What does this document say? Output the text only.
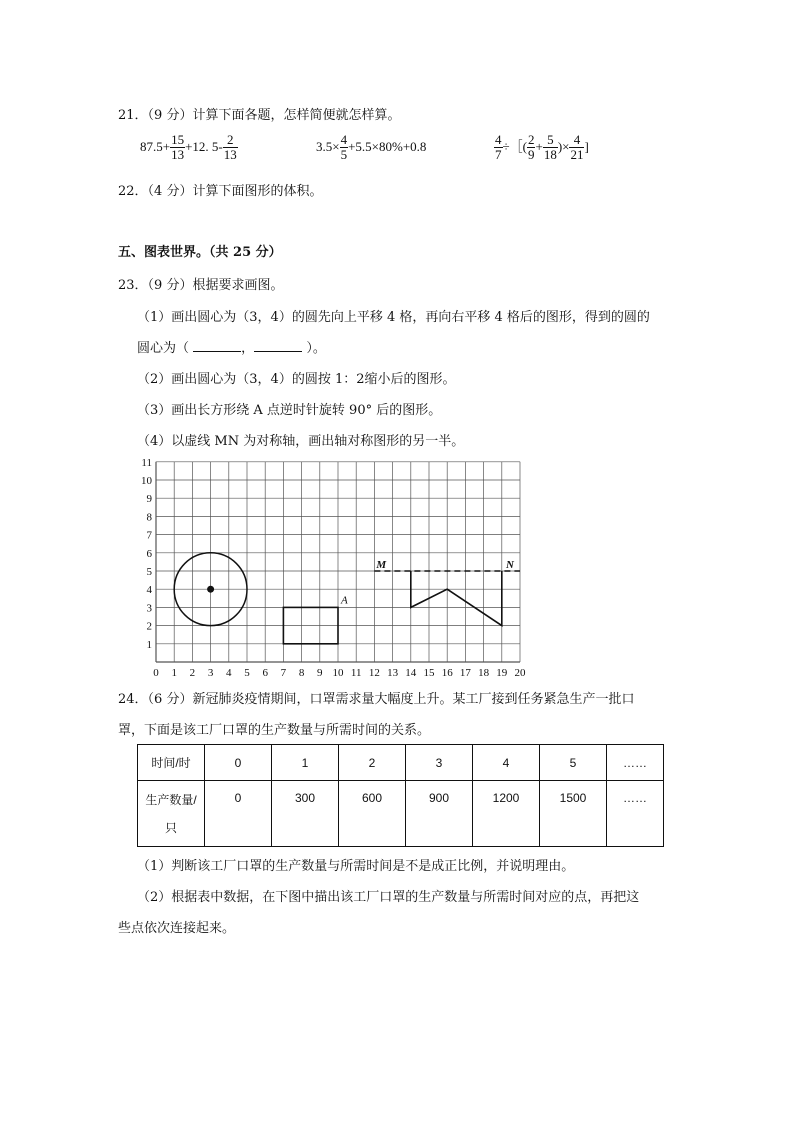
21．（9 分）计算下面各题，怎样简便就怎样算。
$87.5+ \frac{15}{13} +12$. $5- \frac{2}{13}$	$3.5\times \frac{4}{5} +5.5\times 80\%+0.8$	$\frac{4}{7}$ ÷［( $\frac{2}{9} + \frac{5}{18}$ )× $\frac{4}{21}$ ]
22．（4 分）计算下面图形的体积。
五、图表世界。（共 25 分）
23．（9 分）根据要求画图。
（1）画出圆心为（3，4）的圆先向上平移 4 格，再向右平移 4 格后的图形，得到的圆的
圆心为（	，	）。
（2）画出圆心为（3，4）的圆按 1：2缩小后的图形。
（3）画出长方形绕 A 点逆时针旋转 90° 后的图形。
（4）以虚线 MN 为对称轴，画出轴对称图形的另一半。
0 1 2 3 4 5 6 7 8 9 10 11 12 13 14 15 16 17 18 19 20
1
2
3
4
5
6
7
8
9
10
11
A
M	N
24．（6 分）新冠肺炎疫情期间，口罩需求量大幅度上升。某工厂接到任务紧急生产一批口
罩，下面是该工厂口罩的生产数量与所需时间的关系。
时间/时	0	1	2	3	4	5	……

生产数量/
只	0	300	600	900	1200	1500	……
（1）判断该工厂口罩的生产数量与所需时间是不是成正比例，并说明理由。
（2）根据表中数据，在下图中描出该工厂口罩的生产数量与所需时间对应的点，再把这
些点依次连接起来。
